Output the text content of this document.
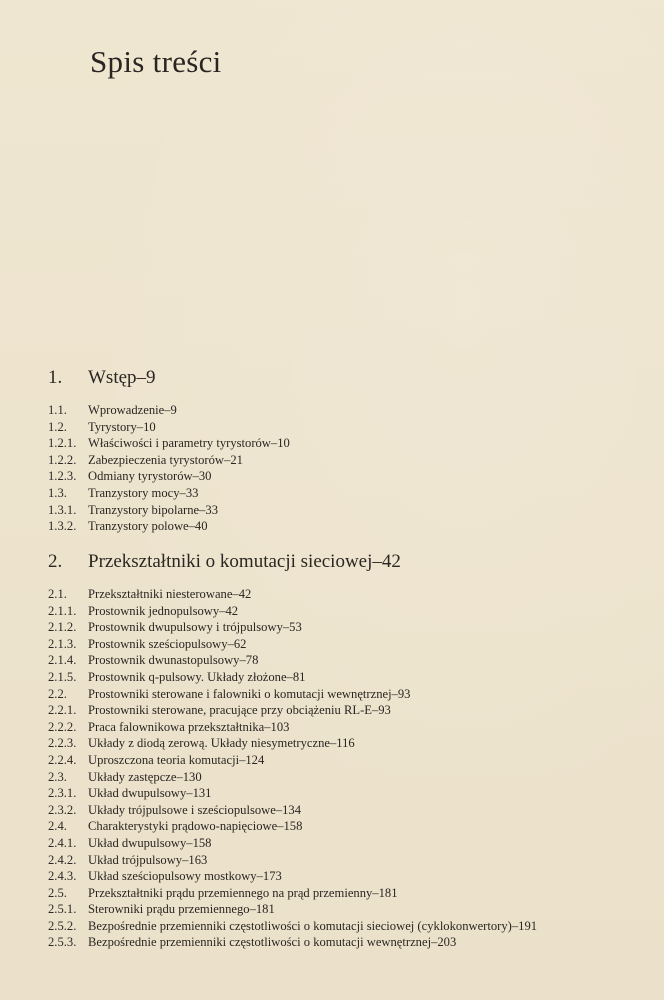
Spis treści
1.	Wstęp–9
1.1.	Wprowadzenie–9
1.2.	Tyrystory–10
1.2.1. Właściwości i parametry tyrystorów–10
1.2.2. Zabezpieczenia tyrystorów–21
1.2.3. Odmiany tyrystorów–30
1.3.	Tranzystory mocy–33
1.3.1. Tranzystory bipolarne–33
1.3.2. Tranzystory polowe–40
2.	Przekształtniki o komutacji sieciowej–42
2.1.	Przekształtniki niesterowane–42
2.1.1. Prostownik jednopulsowy–42
2.1.2. Prostownik dwupulsowy i trójpulsowy–53
2.1.3. Prostownik sześciopulsowy–62
2.1.4. Prostownik dwunastopulsowy–78
2.1.5. Prostownik q-pulsowy. Układy złożone–81
2.2.	Prostowniki sterowane i falowniki o komutacji wewnętrznej–93
2.2.1. Prostowniki sterowane, pracujące przy obciążeniu RL-E–93
2.2.2. Praca falownikowa przekształtnika–103
2.2.3. Układy z diodą zerową. Układy niesymetryczne–116
2.2.4. Uproszczona teoria komutacji–124
2.3.	Układy zastępcze–130
2.3.1. Układ dwupulsowy–131
2.3.2. Układy trójpulsowe i sześciopulsowe–134
2.4.	Charakterystyki prądowo-napięciowe–158
2.4.1. Układ dwupulsowy–158
2.4.2. Układ trójpulsowy–163
2.4.3. Układ sześciopulsowy mostkowy–173
2.5.	Przekształtniki prądu przemiennego na prąd przemienny–181
2.5.1. Sterowniki prądu przemiennego–181
2.5.2. Bezpośrednie przemienniki częstotliwości o komutacji sieciowej (cyklokonwertory)–191
2.5.3. Bezpośrednie przemienniki częstotliwości o komutacji wewnętrznej–203
